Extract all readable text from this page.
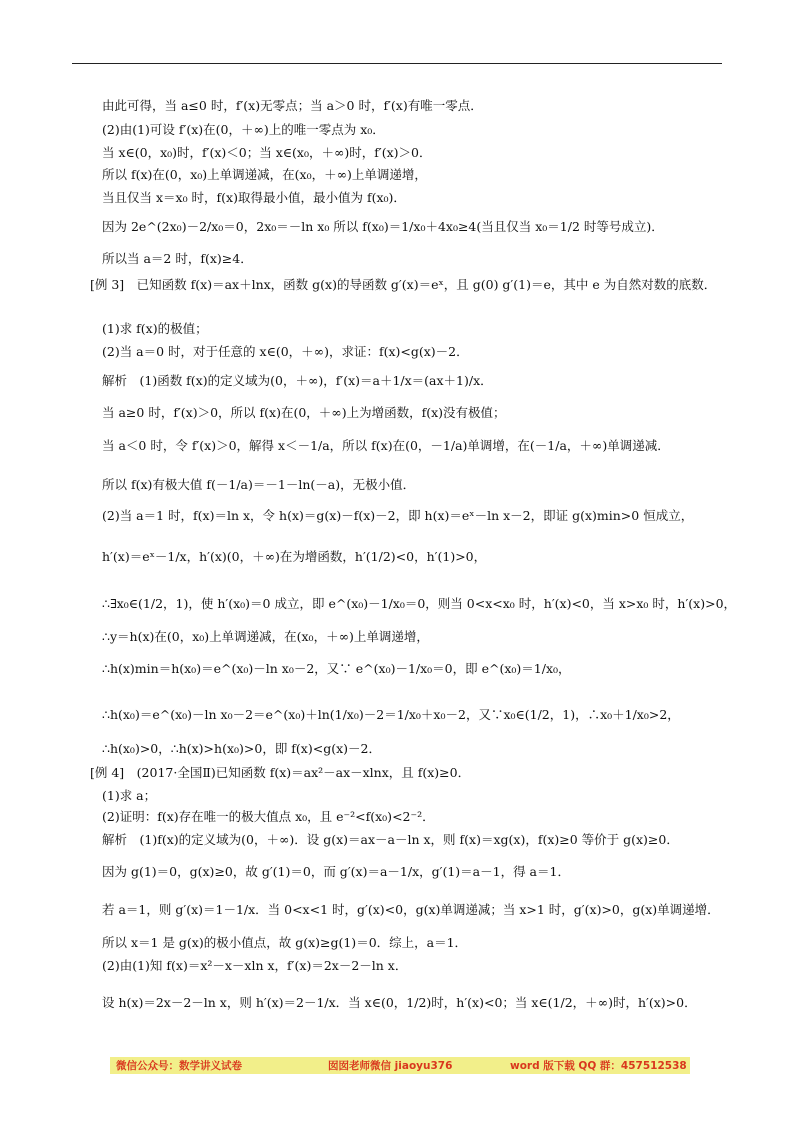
由此可得，当 a≤0 时，f′(x)无零点；当 a＞0 时，f′(x)有唯一零点．
(2)由(1)可设 f′(x)在(0，＋∞)上的唯一零点为 x₀．
当 x∈(0，x₀)时，f′(x)＜0；当 x∈(x₀，＋∞)时，f′(x)＞0．
所以 f(x)在(0，x₀)上单调递减，在(x₀，＋∞)上单调递增，
当且仅当 x＝x₀ 时，f(x)取得最小值，最小值为 f(x₀)．
因为 2e^(2x₀)－2/x₀＝0，2x₀＝－ln x₀ 所以 f(x₀)＝1/x₀＋4x₀≥4(当且仅当 x₀＝1/2 时等号成立)．
所以当 a＝2 时，f(x)≥4．
[例 3]　已知函数 f(x)＝ax＋lnx，函数 g(x)的导函数 g′(x)＝eˣ，且 g(0) g′(1)＝e，其中 e 为自然对数的底数．
(1)求 f(x)的极值；
(2)当 a＝0 时，对于任意的 x∈(0，＋∞)，求证：f(x)<g(x)－2．
解析　(1)函数 f(x)的定义域为(0，＋∞)，f′(x)＝a＋1/x＝(ax＋1)/x．
当 a≥0 时，f′(x)＞0，所以 f(x)在(0，＋∞)上为增函数，f(x)没有极值；
当 a＜0 时，令 f′(x)＞0，解得 x＜－1/a，所以 f(x)在(0，－1/a)单调增，在(－1/a，＋∞)单调递减．
所以 f(x)有极大值 f(－1/a)＝－1－ln(－a)，无极小值．
(2)当 a＝1 时，f(x)＝ln x，令 h(x)＝g(x)－f(x)－2，即 h(x)＝eˣ－ln x－2，即证 g(x)min>0 恒成立，
h′(x)＝eˣ－1/x，h′(x)(0，＋∞)在为增函数，h′(1/2)<0，h′(1)>0，
∴∃x₀∈(1/2，1)，使 h′(x₀)＝0 成立，即 e^(x₀)－1/x₀＝0，则当 0<x<x₀ 时，h′(x)<0，当 x>x₀ 时，h′(x)>0，
∴y＝h(x)在(0，x₀)上单调递减，在(x₀，＋∞)上单调递增，
∴h(x)min＝h(x₀)＝e^(x₀)－ln x₀－2，又∵ e^(x₀)－1/x₀＝0，即 e^(x₀)＝1/x₀，
∴h(x₀)＝e^(x₀)－ln x₀－2＝e^(x₀)＋ln(1/x₀)－2＝1/x₀＋x₀－2，又∵x₀∈(1/2，1)，∴x₀＋1/x₀>2，
∴h(x₀)>0，∴h(x)>h(x₀)>0，即 f(x)<g(x)－2．
[例 4]　(2017·全国Ⅱ)已知函数 f(x)＝ax²－ax－xlnx，且 f(x)≥0．
(1)求 a；
(2)证明：f(x)存在唯一的极大值点 x₀，且 e⁻²<f(x₀)<2⁻²．
解析　(1)f(x)的定义域为(0，＋∞)．设 g(x)＝ax－a－ln x，则 f(x)＝xg(x)，f(x)≥0 等价于 g(x)≥0．
因为 g(1)＝0，g(x)≥0，故 g′(1)＝0，而 g′(x)＝a－1/x，g′(1)＝a－1，得 a＝1．
若 a＝1，则 g′(x)＝1－1/x．当 0<x<1 时，g′(x)<0，g(x)单调递减；当 x>1 时，g′(x)>0，g(x)单调递增．
所以 x＝1 是 g(x)的极小值点，故 g(x)≥g(1)＝0．综上，a＝1．
(2)由(1)知 f(x)＝x²－x－xln x，f′(x)＝2x－2－ln x．
设 h(x)＝2x－2－ln x，则 h′(x)＝2－1/x．当 x∈(0，1/2)时，h′(x)<0；当 x∈(1/2，＋∞)时，h′(x)>0．
微信公众号：数学讲义试卷	囡囡老师微信 jiaoyu376	word 版下载 QQ 群：457512538
